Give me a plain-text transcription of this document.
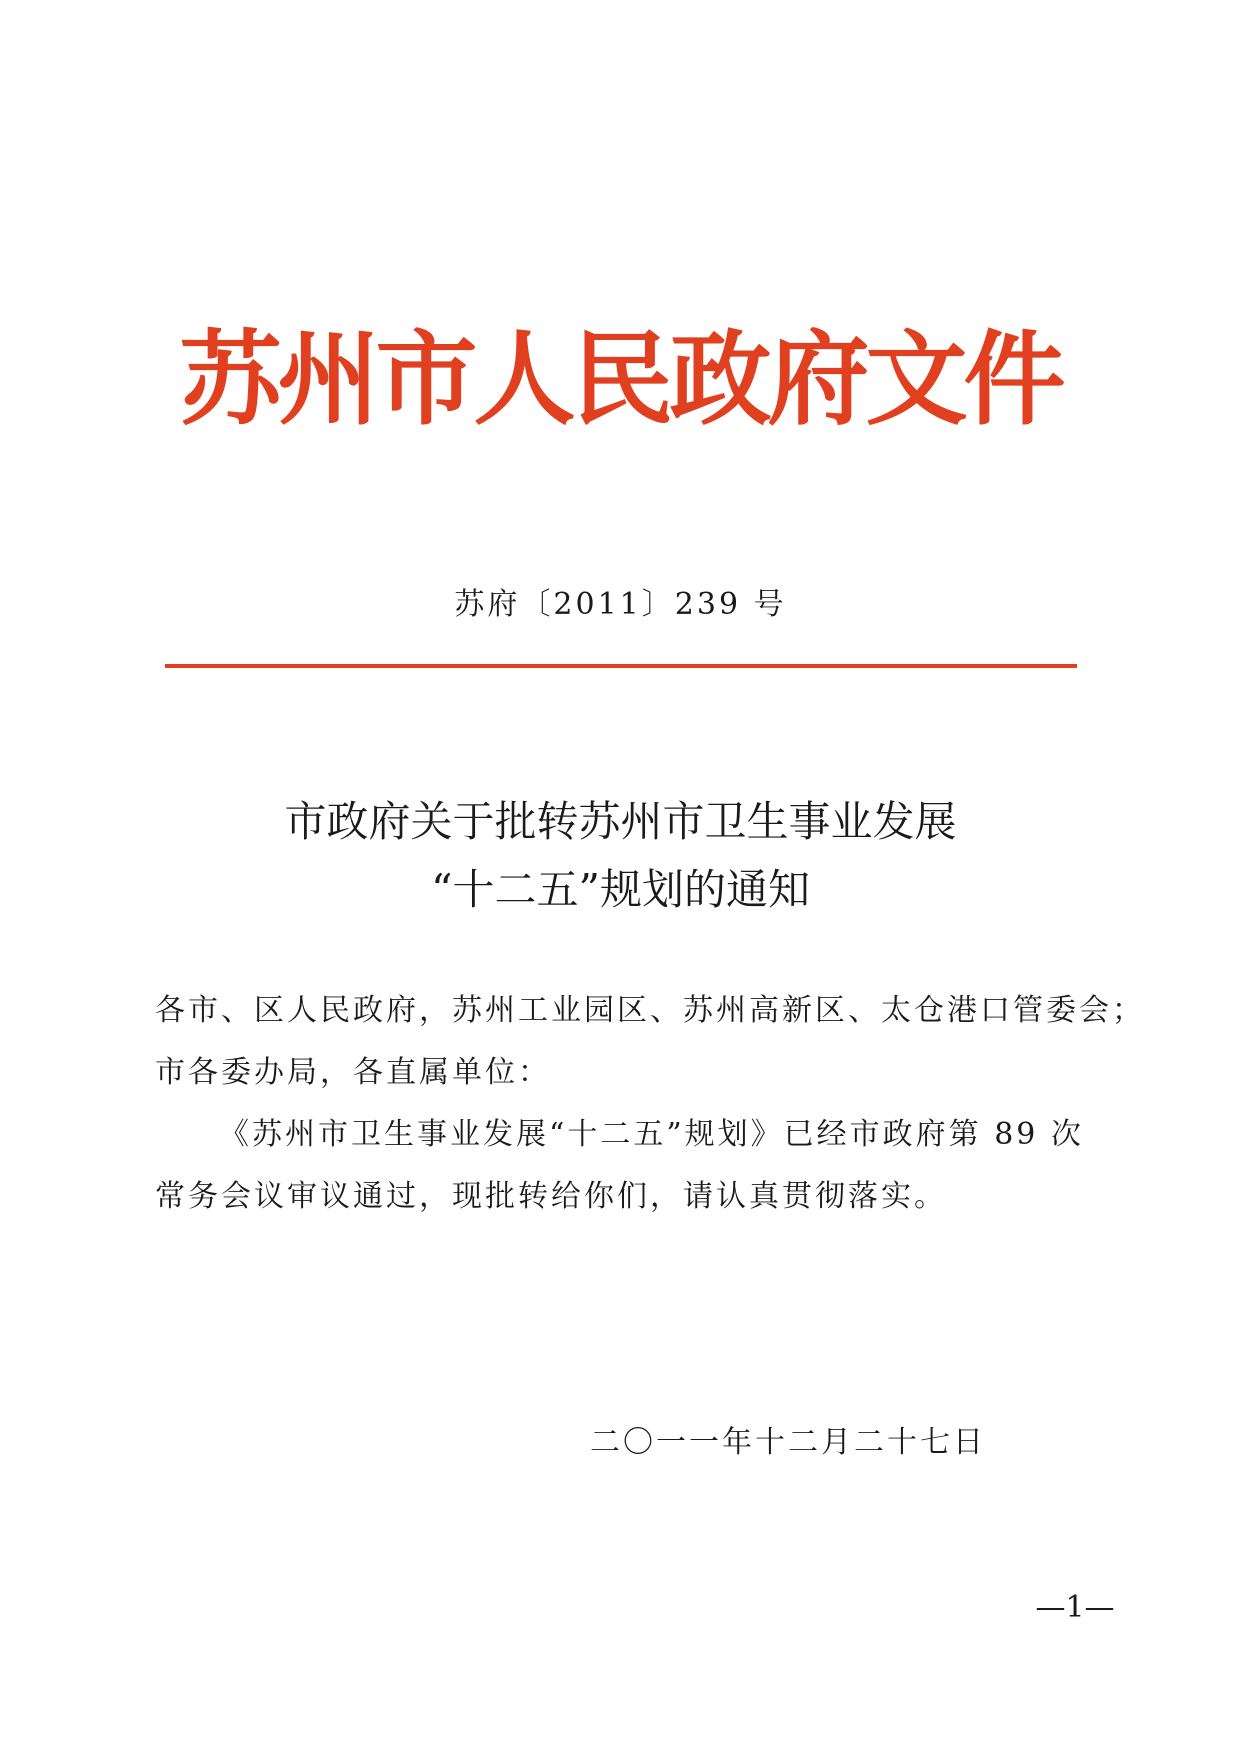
苏州市人民政府文件
苏府〔2011〕239 号
市政府关于批转苏州市卫生事业发展
“十二五”规划的通知

各市、区人民政府，苏州工业园区、苏州高新区、太仓港口管委会；

市各委办局，各直属单位：

《苏州市卫生事业发展“十二五”规划》已经市政府第 89 次

常务会议审议通过，现批转给你们，请认真贯彻落实。

二〇一一年十二月二十七日
—1—
